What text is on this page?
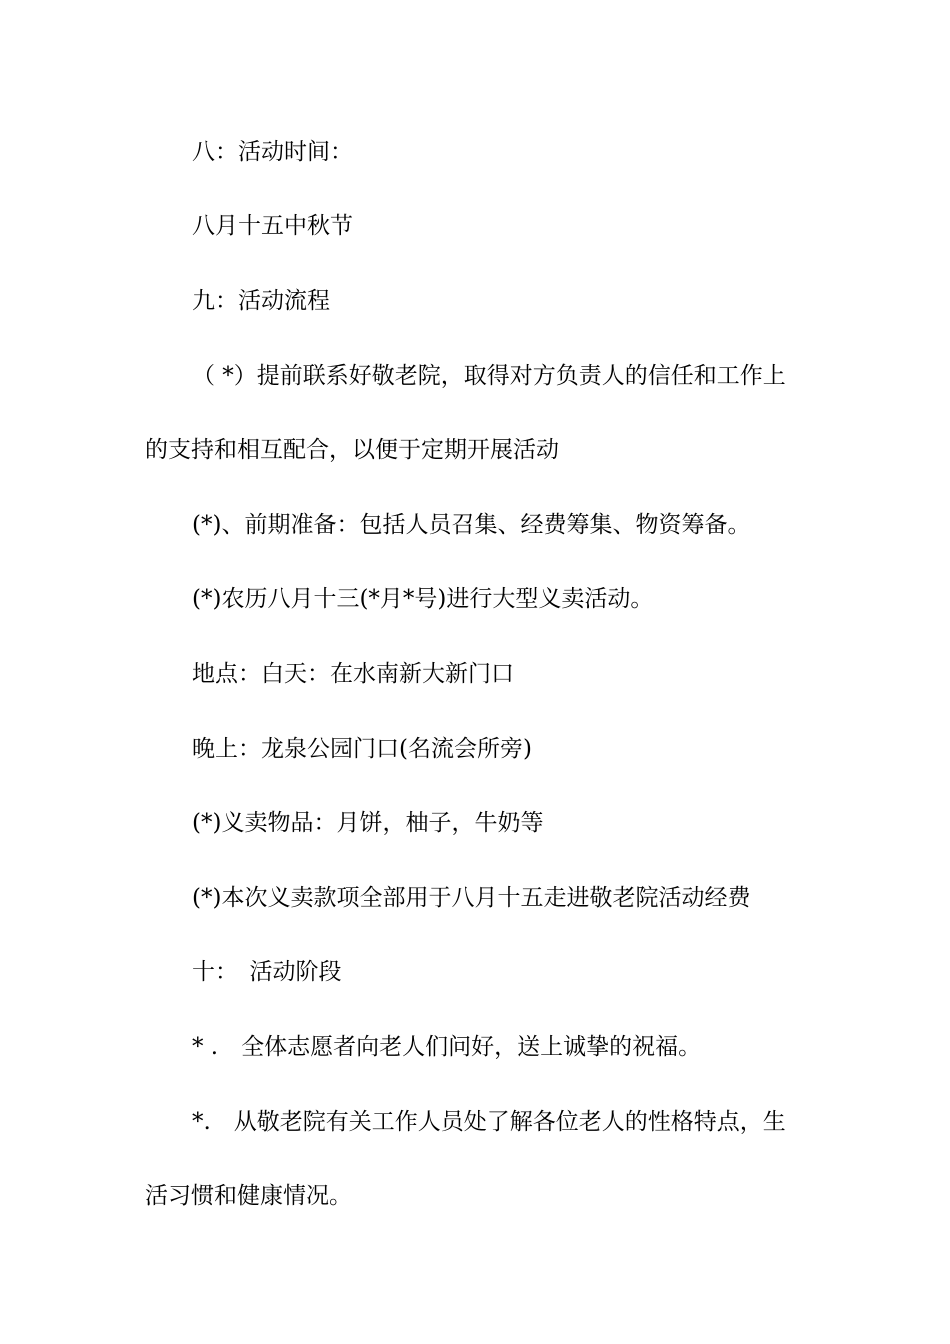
八：活动时间：
八月十五中秋节
九：活动流程
（ *）提前联系好敬老院，取得对方负责人的信任和工作上
的支持和相互配合，以便于定期开展活动
(*)、前期准备：包括人员召集、经费筹集、物资筹备。
(*)农历八月十三(*月*号)进行大型义卖活动。
地点：白天：在水南新大新门口
晚上：龙泉公园门口(名流会所旁)
(*)义卖物品：月饼，柚子，牛奶等
(*)本次义卖款项全部用于八月十五走进敬老院活动经费
十：　活动阶段
* .　全体志愿者向老人们问好，送上诚挚的祝福。
*.　从敬老院有关工作人员处了解各位老人的性格特点，生
活习惯和健康情况。
